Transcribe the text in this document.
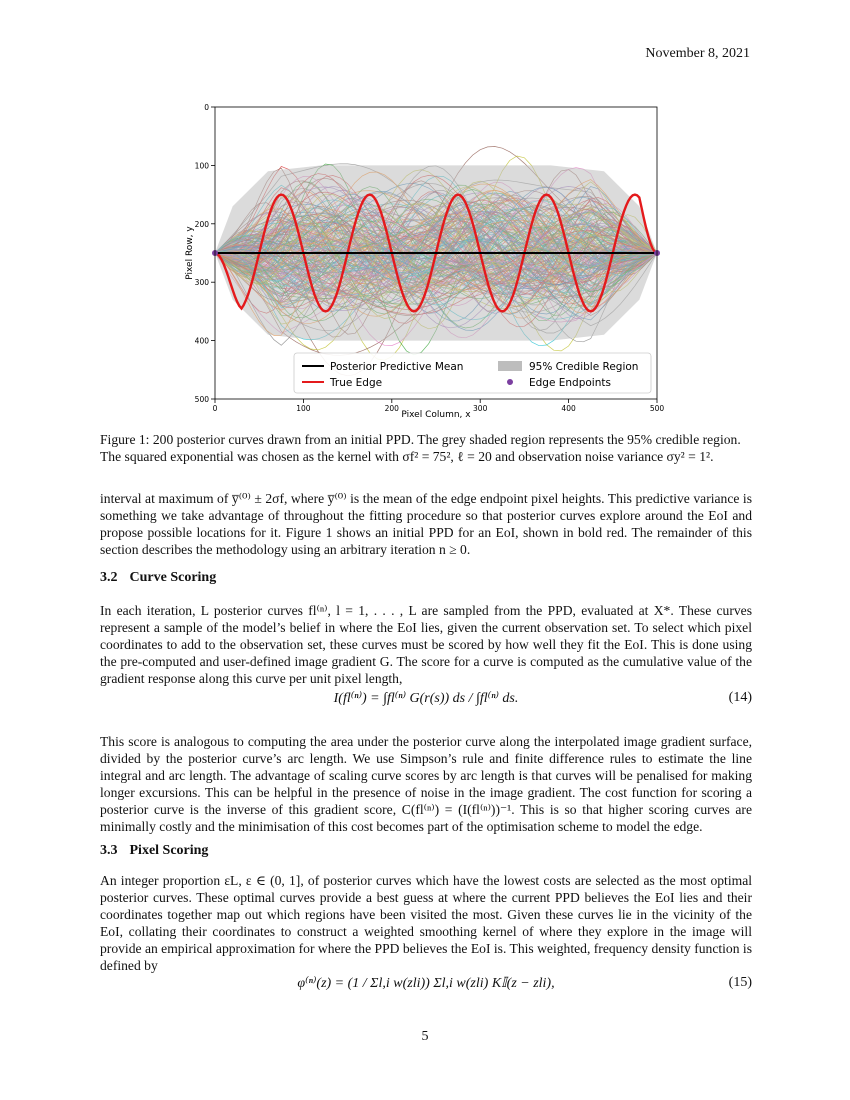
November 8, 2021
0	100	200	300	400	500
0
100
200
300
400
500
Pixel Column, x
Pixel Row, y
Posterior Predictive Mean
True Edge
95% Credible Region
Edge Endpoints
Figure 1: 200 posterior curves drawn from an initial PPD. The grey shaded region represents the 95% credible region. The squared exponential was chosen as the kernel with σf² = 75², ℓ = 20 and observation noise variance σy² = 1².
interval at maximum of y̅⁽⁰⁾ ± 2σf, where y̅⁽⁰⁾ is the mean of the edge endpoint pixel heights. This predictive variance is something we take advantage of throughout the fitting procedure so that posterior curves explore around the EoI and propose possible locations for it. Figure 1 shows an initial PPD for an EoI, shown in bold red. The remainder of this section describes the methodology using an arbitrary iteration n ≥ 0.
3.2 Curve Scoring
In each iteration, L posterior curves fl⁽ⁿ⁾, l = 1, . . . , L are sampled from the PPD, evaluated at X*. These curves represent a sample of the model’s belief in where the EoI lies, given the current observation set. To select which pixel coordinates to add to the observation set, these curves must be scored by how well they fit the EoI. This is done using the pre-computed and user-defined image gradient G. The score for a curve is computed as the cumulative value of the gradient response along this curve per unit pixel length,
I(fl⁽ⁿ⁾) = ∫fl⁽ⁿ⁾ G(r(s)) ds / ∫fl⁽ⁿ⁾ ds.	(14)
This score is analogous to computing the area under the posterior curve along the interpolated image gradient surface, divided by the posterior curve’s arc length. We use Simpson’s rule and finite difference rules to estimate the line integral and arc length. The advantage of scaling curve scores by arc length is that curves will be penalised for making longer excursions. This can be helpful in the presence of noise in the image gradient. The cost function for scoring a posterior curve is the inverse of this gradient score, C(fl⁽ⁿ⁾) = (I(fl⁽ⁿ⁾))⁻¹. This is so that higher scoring curves are minimally costly and the minimisation of this cost becomes part of the optimisation scheme to model the edge.
3.3 Pixel Scoring
An integer proportion εL, ε ∈ (0, 1], of posterior curves which have the lowest costs are selected as the most optimal posterior curves. These optimal curves provide a best guess at where the current PPD believes the EoI lies and their coordinates together map out which regions have been visited the most. Given these curves lie in the vicinity of the EoI, collating their coordinates to construct a weighted smoothing kernel of where they explore in the image will provide an empirical approximation for where the PPD believes the EoI is. This weighted, frequency density function is defined by
φ⁽ⁿ⁾(z) = (1 / Σl,i w(zli)) Σl,i w(zli) K𝕀(z − zli),	(15)
5
